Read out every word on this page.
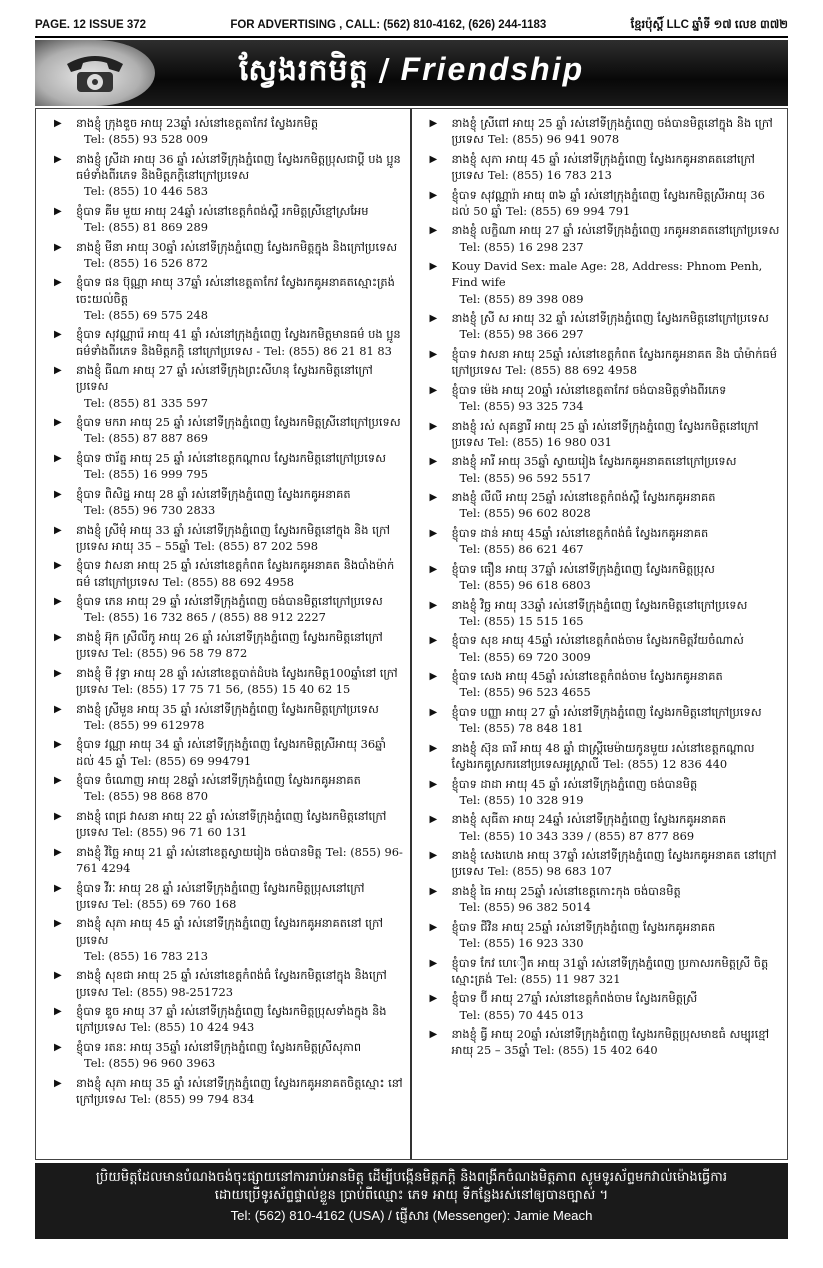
PAGE. 12 ISSUE 372	FOR ADVERTISING , CALL: (562) 810-4162, (626) 244-1183	ខ្មែរប៉ុស្តិ៍ LLC ឆ្នាំទី ១៧ លេខ ៣៧២
ស្វែងរកមិត្ត / Friendship
▶ នាងខ្ញុំ ក្រុងឌួច អាយុ 23ឆ្នាំ រស់នៅខេត្តតាកែវ ស្វែងរកមិត្ត
Tel: (855) 93 528 009
▶ នាងខ្ញុំ ស្រីដា អាយុ 36 ឆ្នាំ រស់នៅទីក្រុងភ្នំពេញ ស្វែងរកមិត្តប្រុសជាប្តី បង ប្អូនធម៌ទាំងពីរភេទ និងមិត្តភក្តិនៅក្រៅប្រទេស
Tel: (855) 10 446 583
▶ ខ្ញុំបាទ គីម មួយ អាយុ 24ឆ្នាំ រស់នៅខេត្តកំពង់ស្ពឺ រកមិត្តស្រីខ្មៅស្រអែម
Tel: (855) 81 869 289
▶ នាងខ្ញុំ មីនា អាយុ 30ឆ្នាំ រស់នៅទីក្រុងភ្នំពេញ ស្វែងរកមិត្តក្នុង និងក្រៅប្រទេស
Tel: (855) 16 526 872
▶ ខ្ញុំបាទ ផន ប៊ុណ្ណា អាយុ 37ឆ្នាំ រស់នៅខេត្តតាកែវ ស្វែងរកគូអនាគតស្មោះត្រង់ ចេះយល់ចិត្ត
Tel: (855) 69 575 248
▶ ខ្ញុំបាទ សុវណ្ណារ៉េ អាយុ 41 ឆ្នាំ រស់នៅក្រុងភ្នំពេញ ស្វែងរកមិត្តមានធម៌ បង ប្អូនធម៌ទាំងពីរភេទ និងមិត្តភក្តិ នៅក្រៅប្រទេស - Tel: (855) 86 21 81 83
▶ នាងខ្ញុំ ធីណា អាយុ 27 ឆ្នាំ រស់នៅទីក្រុងព្រះសីហនុ ស្វែងរកមិត្តនៅក្រៅប្រទេស
Tel: (855) 81 335 597
▶ ខ្ញុំបាទ មករា អាយុ 25 ឆ្នាំ រស់នៅទីក្រុងភ្នំពេញ ស្វែងរកមិត្តស្រីនៅក្រៅប្រទេស
Tel: (855) 87 887 869
▶ ខ្ញុំបាទ ថារ័ត្ន អាយុ 25 ឆ្នាំ រស់នៅខេត្តកណ្តាល ស្វែងរកមិត្តនៅក្រៅប្រទេស
Tel: (855) 16 999 795
▶ ខ្ញុំបាទ ពិសិដ្ឋ អាយុ 28 ឆ្នាំ រស់នៅទីក្រុងភ្នំពេញ ស្វែងរកគូអនាគត
Tel: (855) 96 730 2833
▶ នាងខ្ញុំ ស្រីមុំ អាយុ 33 ឆ្នាំ រស់នៅទីក្រុងភ្នំពេញ ស្វែងរកមិត្តនៅក្នុង និង ក្រៅប្រទេស អាយុ 35 – 55ឆ្នាំ Tel: (855) 87 202 598
▶ ខ្ញុំបាទ វាសនា អាយុ 25 ឆ្នាំ រស់នៅខេត្តកំពត ស្វែងរកគូអនាគត និងបាំងម៉ាក់ធម៌ នៅក្រៅប្រទេស Tel: (855) 88 692 4958
▶ ខ្ញុំបាទ ភេន អាយុ 29 ឆ្នាំ រស់នៅទីក្រុងភ្នំពេញ ចង់បានមិត្តនៅក្រៅប្រទេស
Tel: (855) 16 732 865 / (855) 88 912 2227
▶ នាងខ្ញុំ អ៊ុក ស្រីលីកូ អាយុ 26 ឆ្នាំ រស់នៅទីក្រុងភ្នំពេញ ស្វែងរកមិត្តនៅក្រៅ ប្រទេស Tel: (855) 96 58 79 872
▶ នាងខ្ញុំ មី វុទ្ធា អាយុ 28 ឆ្នាំ រស់នៅខេត្តបាត់ដំបង ស្វែងរកមិត្ត100ឆ្នាំនៅ ក្រៅប្រទេស Tel: (855) 17 75 71 56, (855) 15 40 62 15
▶ នាងខ្ញុំ ស្រីមួន អាយុ 35 ឆ្នាំ រស់នៅទីក្រុងភ្នំពេញ ស្វែងរកមិត្តក្រៅប្រទេស
Tel: (855) 99 612978
▶ ខ្ញុំបាទ វណ្ណា អាយុ 34 ឆ្នាំ រស់នៅទីក្រុងភ្នំពេញ ស្វែងរកមិត្តស្រីអាយុ 36ឆ្នាំ ដល់ 45 ឆ្នាំ Tel: (855) 69 994791
▶ ខ្ញុំបាទ ចំណោញ អាយុ 28ឆ្នាំ រស់នៅទីក្រុងភ្នំពេញ ស្វែងរកគូអនាគត
Tel: (855) 98 868 870
▶ នាងខ្ញុំ ពេជ្រ វាសនា អាយុ 22 ឆ្នាំ រស់នៅទីក្រុងភ្នំពេញ ស្វែងរកមិត្តនៅក្រៅ ប្រទេស Tel: (855) 96 71 60 131
▶ នាងខ្ញុំ វិច្ឆៃ អាយុ 21 ឆ្នាំ រស់នៅខេត្តស្វាយរៀង ចង់បានមិត្ត Tel: (855) 96-761 4294
▶ ខ្ញុំបាទ វីរៈ អាយុ 28 ឆ្នាំ រស់នៅទីក្រុងភ្នំពេញ ស្វែងរកមិត្តប្រុសនៅក្រៅ ប្រទេស Tel: (855) 69 760 168
▶ នាងខ្ញុំ សុភា អាយុ 45 ឆ្នាំ រស់នៅទីក្រុងភ្នំពេញ ស្វែងរកគូអនាគតនៅ ក្រៅប្រទេស
Tel: (855) 16 783 213
▶ នាងខ្ញុំ សុខជា អាយុ 25 ឆ្នាំ រស់នៅខេត្តកំពង់ធំ ស្វែងរកមិត្តនៅក្នុង និងក្រៅ ប្រទេស Tel: (855) 98-251723
▶ ខ្ញុំបាទ ឌួច អាយុ 37 ឆ្នាំ រស់នៅទីក្រុងភ្នំពេញ ស្វែងរកមិត្តប្រុសទាំងក្នុង និង ក្រៅប្រទេស Tel: (855) 10 424 943
▶ ខ្ញុំបាទ រតនៈ អាយុ 35ឆ្នាំ រស់នៅទីក្រុងភ្នំពេញ ស្វែងរកមិត្តស្រីសុភាព
Tel: (855) 96 960 3963
▶ នាងខ្ញុំ សុភា អាយុ 35 ឆ្នាំ រស់នៅទីក្រុងភ្នំពេញ ស្វែងរកគូអនាគតចិត្តស្មោះ នៅក្រៅប្រទេស Tel: (855) 99 794 834
▶ នាងខ្ញុំ ស្រីពៅ អាយុ 25 ឆ្នាំ រស់នៅទីក្រុងភ្នំពេញ ចង់បានមិត្តនៅក្នុង និង ក្រៅប្រទេស Tel: (855) 96 941 9078
▶ នាងខ្ញុំ សុភា អាយុ 45 ឆ្នាំ រស់នៅទីក្រុងភ្នំពេញ ស្វែងរកគូអនាគតនៅក្រៅ ប្រទេស Tel: (855) 16 783 213
▶ ខ្ញុំបាទ សុវណ្ណារ៉ា អាយុ ៣៦ ឆ្នាំ រស់នៅក្រុងភ្នំពេញ ស្វែងរកមិត្តស្រីអាយុ 36 ដល់ 50 ឆ្នាំ Tel: (855) 69 994 791
▶ នាងខ្ញុំ លក្ខិណា អាយុ 27 ឆ្នាំ រស់នៅទីក្រុងភ្នំពេញ រកគូអនាគតនៅក្រៅប្រទេស
Tel: (855) 16 298 237
▶ Kouy David Sex: male Age: 28, Address: Phnom Penh, Find wife
Tel: (855) 89 398 089
▶ នាងខ្ញុំ ស្រី ស អាយុ 32 ឆ្នាំ រស់នៅទីក្រុងភ្នំពេញ ស្វែងរកមិត្តនៅក្រៅប្រទេស
Tel: (855) 98 366 297
▶ ខ្ញុំបាទ វាសនា អាយុ 25ឆ្នាំ រស់នៅខេត្តកំពត ស្វែងរកគូអនាគត និង បាំម៉ាក់ធម៌ក្រៅប្រទេស Tel: (855) 88 692 4958
▶ ខ្ញុំបាទ ម៉េង អាយុ 20ឆ្នាំ រស់នៅខេត្តតាកែវ ចង់បានមិត្តទាំងពីរភេទ
Tel: (855) 93 325 734
▶ នាងខ្ញុំ រស់ សុគន្ធារី អាយុ 25 ឆ្នាំ រស់នៅទីក្រុងភ្នំពេញ ស្វែងរកមិត្តនៅក្រៅ ប្រទេស Tel: (855) 16 980 031
▶ នាងខ្ញុំ អារី អាយុ 35ឆ្នាំ ស្វាយរៀង ស្វែងរកគូអនាគតនៅក្រៅប្រទេស
Tel: (855) 96 592 5517
▶ នាងខ្ញុំ លីលី អាយុ 25ឆ្នាំ រស់នៅខេត្តកំពង់ស្ពឺ ស្វែងរកគូអនាគត
Tel: (855) 96 602 8028
▶ ខ្ញុំបាទ ដាន់ អាយុ 45ឆ្នាំ រស់នៅខេត្តកំពង់ធំ ស្វែងរកគូអនាគត
Tel: (855) 86 621 467
▶ ខ្ញុំបាទ ធឿន អាយុ 37ឆ្នាំ រស់នៅទីក្រុងភ្នំពេញ ស្វែងរកមិត្តប្រុស
Tel: (855) 96 618 6803
▶ នាងខ្ញុំ វិច្ឆ អាយុ 33ឆ្នាំ រស់នៅទីក្រុងភ្នំពេញ ស្វែងរកមិត្តនៅក្រៅប្រទេស
Tel: (855) 15 515 165
▶ ខ្ញុំបាទ សុខ អាយុ 45ឆ្នាំ រស់នៅខេត្តកំពង់ចាម ស្វែងរកមិត្តវ័យចំណាស់
Tel: (855) 69 720 3009
▶ ខ្ញុំបាទ សេង អាយុ 45ឆ្នាំ រស់នៅខេត្តកំពង់ចាម ស្វែងរកគូអនាគត
Tel: (855) 96 523 4655
▶ ខ្ញុំបាទ បញ្ញា អាយុ 27 ឆ្នាំ រស់នៅទីក្រុងភ្នំពេញ ស្វែងរកមិត្តនៅក្រៅប្រទេស
Tel: (855) 78 848 181
▶ នាងខ្ញុំ ស៊ុន ធារី អាយុ 48 ឆ្នាំ ជាស្ត្រីមេម៉ាយកូនមួយ រស់នៅខេត្តកណ្តាល ស្វែងរកគូស្រករនៅប្រទេសអូស្ត្រាលី Tel: (855) 12 836 440
▶ ខ្ញុំបាទ ដាដា អាយុ 45 ឆ្នាំ រស់នៅទីក្រុងភ្នំពេញ ចង់បានមិត្ត
Tel: (855) 10 328 919
▶ នាងខ្ញុំ សុធីតា អាយុ 24ឆ្នាំ រស់នៅទីក្រុងភ្នំពេញ ស្វែងរកគូអនាគត
Tel: (855) 10 343 339 / (855) 87 877 869
▶ នាងខ្ញុំ សេងហេង អាយុ 37ឆ្នាំ រស់នៅទីក្រុងភ្នំពេញ ស្វែងរកគូអនាគត នៅក្រៅប្រទេស Tel: (855) 98 683 107
▶ នាងខ្ញុំ ធៃ អាយុ 25ឆ្នាំ រស់នៅខេត្តកោះកុង ចង់បានមិត្ត
Tel: (855) 96 382 5014
▶ ខ្ញុំបាទ ជីវិន អាយុ 25ឆ្នាំ រស់នៅទីក្រុងភ្នំពេញ ស្វែងរកគូអនាគត
Tel: (855) 16 923 330
▶ ខ្ញុំបាទ កែវ ហេឿត អាយុ 31ឆ្នាំ រស់នៅទីក្រុងភ្នំពេញ ប្រកាសរកមិត្តស្រី ចិត្តស្មោះត្រង់ Tel: (855) 11 987 321
▶ ខ្ញុំបាទ ប៊ី អាយុ 27ឆ្នាំ រស់នៅខេត្តកំពង់ចាម ស្វែងរកមិត្តស្រី
Tel: (855) 70 445 013
▶ នាងខ្ញុំ ធ្វី អាយុ 20ឆ្នាំ រស់នៅទីក្រុងភ្នំពេញ ស្វែងរកមិត្តប្រុសមាឌធំ សម្បុរខ្មៅ អាយុ 25 – 35ឆ្នាំ Tel: (855) 15 402 640
ប្រិយមិត្តដែលមានបំណងចង់ចុះផ្សាយនៅការរាប់អានមិត្ត ដើម្បីបង្កើនមិត្តភក្តិ និងពង្រីកចំណងមិត្តភាព សូមទូរស័ព្ទមកវាល់ម៉ោងធ្វើការ
ដោយប្រើទូរស័ព្ទផ្ទាល់ខ្លួន ប្រាប់ពីឈ្មោះ ភេទ អាយុ ទីកន្លែងរស់នៅឲ្យបានច្បាស់ ។
Tel: (562) 810-4162 (USA) / ផ្ញើសារ (Messenger): Jamie Meach
